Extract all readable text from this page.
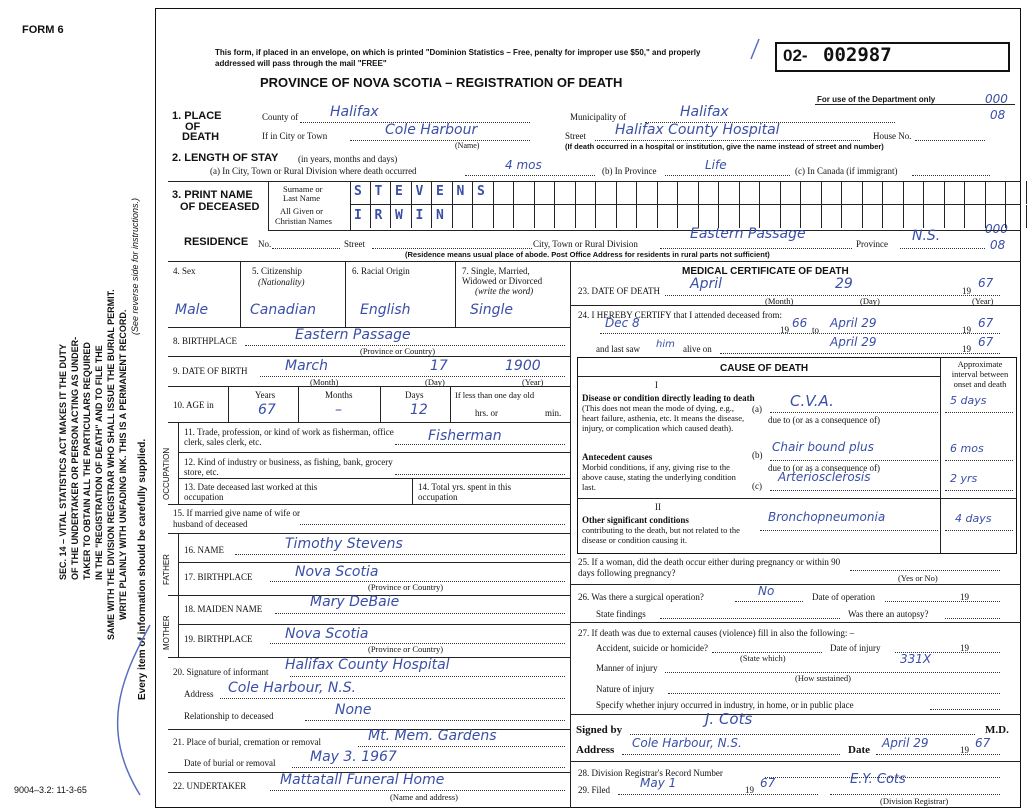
FORM 6
9004–3.2: 11-3-65
SEC. 14 – VITAL STATISTICS ACT MAKES IT THE DUTY OF THE UNDERTAKER OR PERSON ACTING AS UNDER- TAKER TO OBTAIN ALL THE PARTICULARS REQUIRED IN THE "REGISTRATION OF DEATH" AND TO FILE THE SAME WITH THE DIVISION REGISTRAR WHO SHALL ISSUE THE BURIAL PERMIT. WRITE PLAINLY WITH UNFADING INK. THIS IS A PERMANENT RECORD.
(See reverse side for instructions.)
Every item of information should be carefully supplied.
This form, if placed in an envelope, on which is printed "Dominion Statistics – Free, penalty for improper use $50," and properly addressed will pass through the mail "FREE"
PROVINCE OF NOVA SCOTIA – REGISTRATION OF DEATH
02- 002987
For use of the Department only	000
08
000
08
1. PLACE
OF
DEATH
County of Halifax	Municipality of	Halifax
If in City or Town	Cole Harbour
(Name)
Street Halifax County Hospital	House No.
(If death occurred in a hospital or institution, give the name instead of street and number)
2. LENGTH OF STAY (in years, months and days)
(a) In City, Town or Rural Division where death occurred	4 mos	(b) In Province	Life	(c) In Canada (if immigrant)
3. PRINT NAME
OF DECEASED
Surname or
Last Name
All Given or
Christian Names
S T E V E N S
I R W I N
RESIDENCE No.	Street	City, Town or Rural Division
Eastern Passage
Province N.S.
(Residence means usual place of abode. Post Office Address for residents in rural parts not sufficient)
4. Sex	5. Citizenship
(Nationality)
6. Racial Origin	7. Single, Married,
Widowed or Divorced
(write the word)
Male	Canadian	English	Single
8. BIRTHPLACE	Eastern Passage
(Province or Country)
9. DATE OF BIRTH	March	17	1900
(Month)	(Day)	(Year)
10. AGE in
Years	Months	Days	If less than one day old
hrs. or	min.
67	–	12
OCCUPATION
11. Trade, profession, or kind of work as fisherman, office clerk, sales clerk, etc.	Fisherman
12. Kind of industry or business, as fishing, bank, grocery store, etc.
13. Date deceased last worked at this occupation
14. Total yrs. spent in this occupation
15. If married give name of wife or husband of deceased
FATHER
16. NAME	Timothy Stevens
17. BIRTHPLACE	Nova Scotia
(Province or Country)
MOTHER
18. MAIDEN NAME	Mary DeBaie
19. BIRTHPLACE Nova Scotia
(Province or Country)
20. Signature of informant Halifax County Hospital
Address Cole Harbour, N.S.
Relationship to deceased	None
21. Place of burial, cremation or removal	Mt. Mem. Gardens
Date of burial or removal May 3. 1967
22. UNDERTAKER Mattatall Funeral Home
(Name and address)
MEDICAL CERTIFICATE OF DEATH
23. DATE OF DEATH April	29	19
67
(Month)	(Day)	(Year)
24. I HEREBY CERTIFY that I attended deceased from:
Dec 8	19 66 to April 29	19 67
and last saw him alive on	April 29	19 67
CAUSE OF DEATH	Approximate interval between onset and death
I
Disease or condition directly leading to death
(This does not mean the mode of dying, e.g., heart failure, asthenia, etc. It means the disease, injury, or complication which caused death).
(a) C.V.A.	5 days
due to (or as a consequence of)
Antecedent causes
Morbid conditions, if any, giving rise to the above cause, stating the underlying condition last.
(b)
Chair bound plus	6 mos
due to (or as a consequence of)
(c)
Arteriosclerosis	2 yrs
II
Other significant conditions
contributing to the death, but not related to the disease or condition causing it.
Bronchopneumonia	4 days
25. If a woman, did the death occur either during pregnancy or within 90 days following pregnancy?	(Yes or No)
26. Was there a surgical operation?	No	Date of operation	19
State findings	Was there an autopsy?
27. If death was due to external causes (violence) fill in also the following: –
Accident, suicide or homicide?
(State which)
Date of injury	19
Manner of injury
331X
(How sustained)
Nature of injury
Specify whether injury occurred in industry, in home, or in public place
Signed by
J. Cots
M.D.
Address Cole Harbour, N.S.	Date April 29	19 67
28. Division Registrar's Record Number
29. Filed May 1	19 67	E.Y. Cots
(Division Registrar)
